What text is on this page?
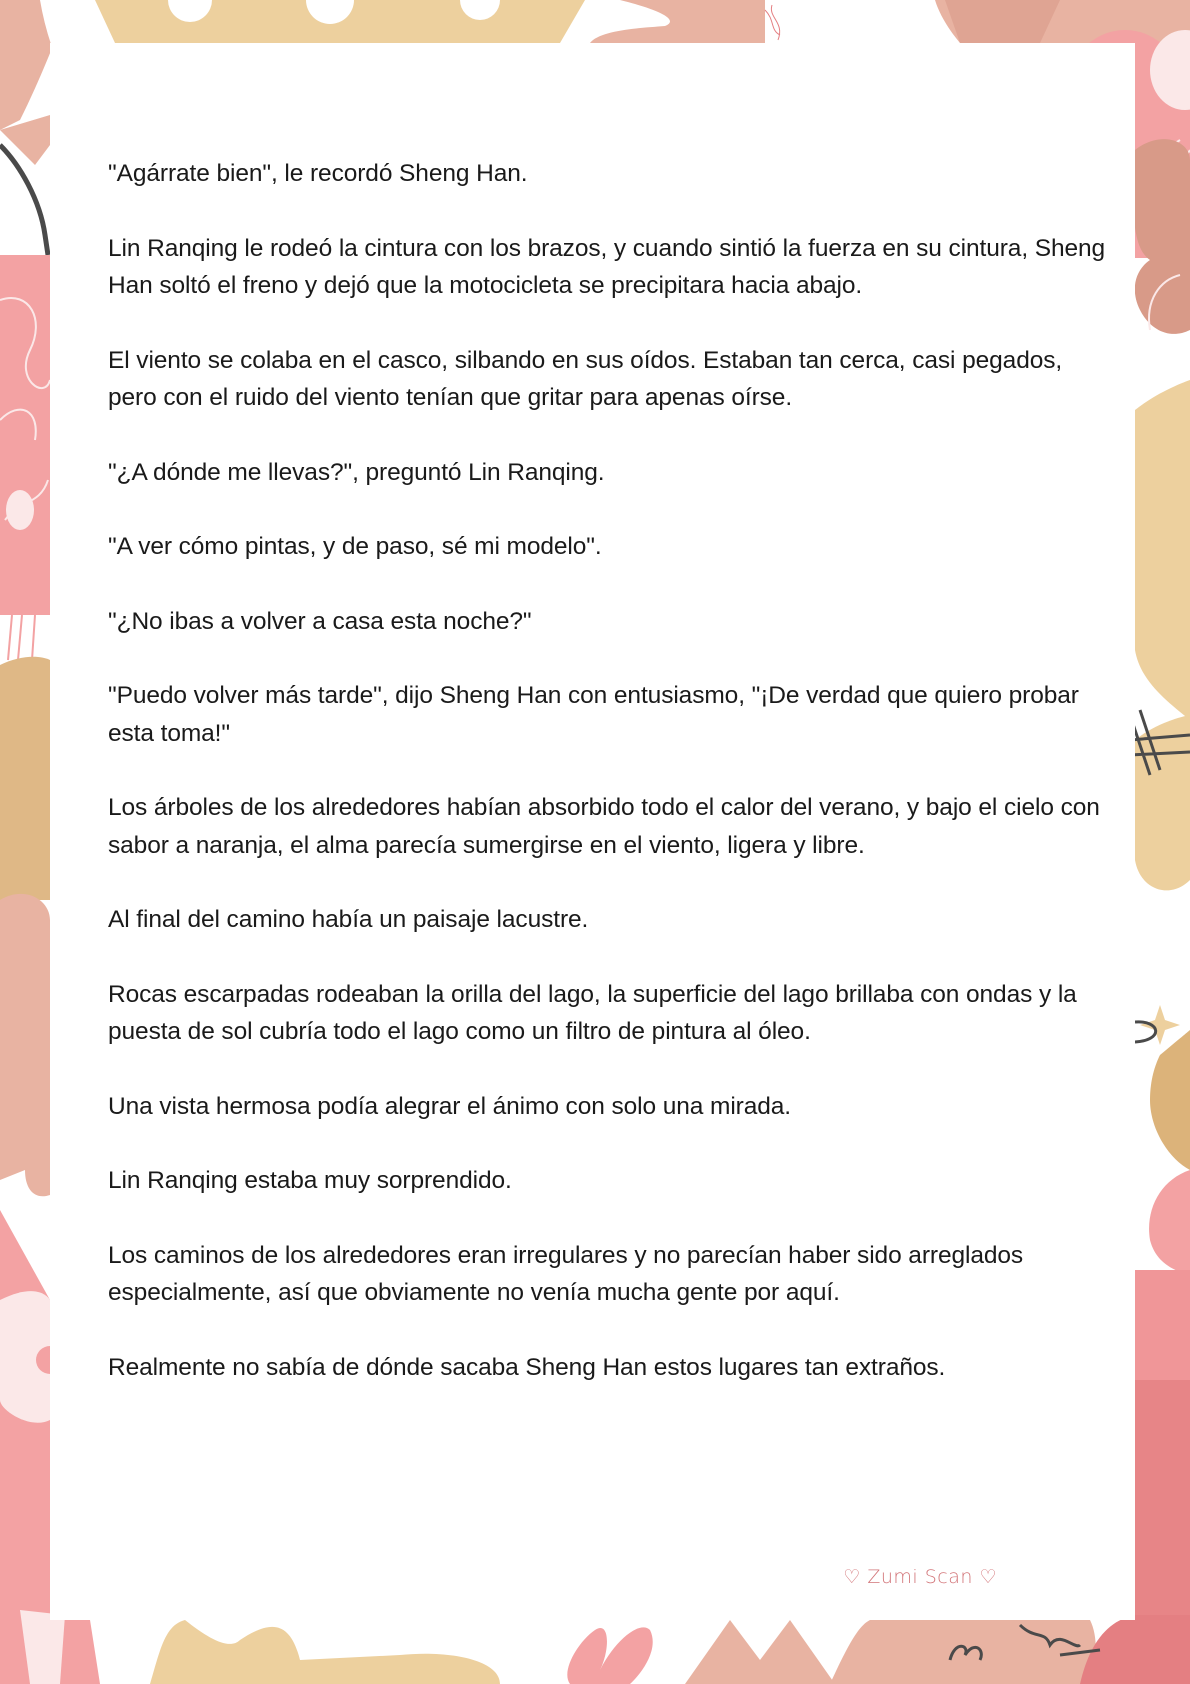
"Agárrate bien", le recordó Sheng Han.

Lin Ranqing le rodeó la cintura con los brazos, y cuando sintió la fuerza en su cintura, Sheng Han soltó el freno y dejó que la motocicleta se precipitara hacia abajo.

El viento se colaba en el casco, silbando en sus oídos. Estaban tan cerca, casi pegados, pero con el ruido del viento tenían que gritar para apenas oírse.

"¿A dónde me llevas?", preguntó Lin Ranqing.

"A ver cómo pintas, y de paso, sé mi modelo".

"¿No ibas a volver a casa esta noche?"

"Puedo volver más tarde", dijo Sheng Han con entusiasmo, "¡De verdad que quiero probar esta toma!"

Los árboles de los alrededores habían absorbido todo el calor del verano, y bajo el cielo con sabor a naranja, el alma parecía sumergirse en el viento, ligera y libre.

Al final del camino había un paisaje lacustre.

Rocas escarpadas rodeaban la orilla del lago, la superficie del lago brillaba con ondas y la puesta de sol cubría todo el lago como un filtro de pintura al óleo.

Una vista hermosa podía alegrar el ánimo con solo una mirada.

Lin Ranqing estaba muy sorprendido.

Los caminos de los alrededores eran irregulares y no parecían haber sido arreglados especialmente, así que obviamente no venía mucha gente por aquí.

Realmente no sabía de dónde sacaba Sheng Han estos lugares tan extraños.

♡ Zumi Scan ♡
